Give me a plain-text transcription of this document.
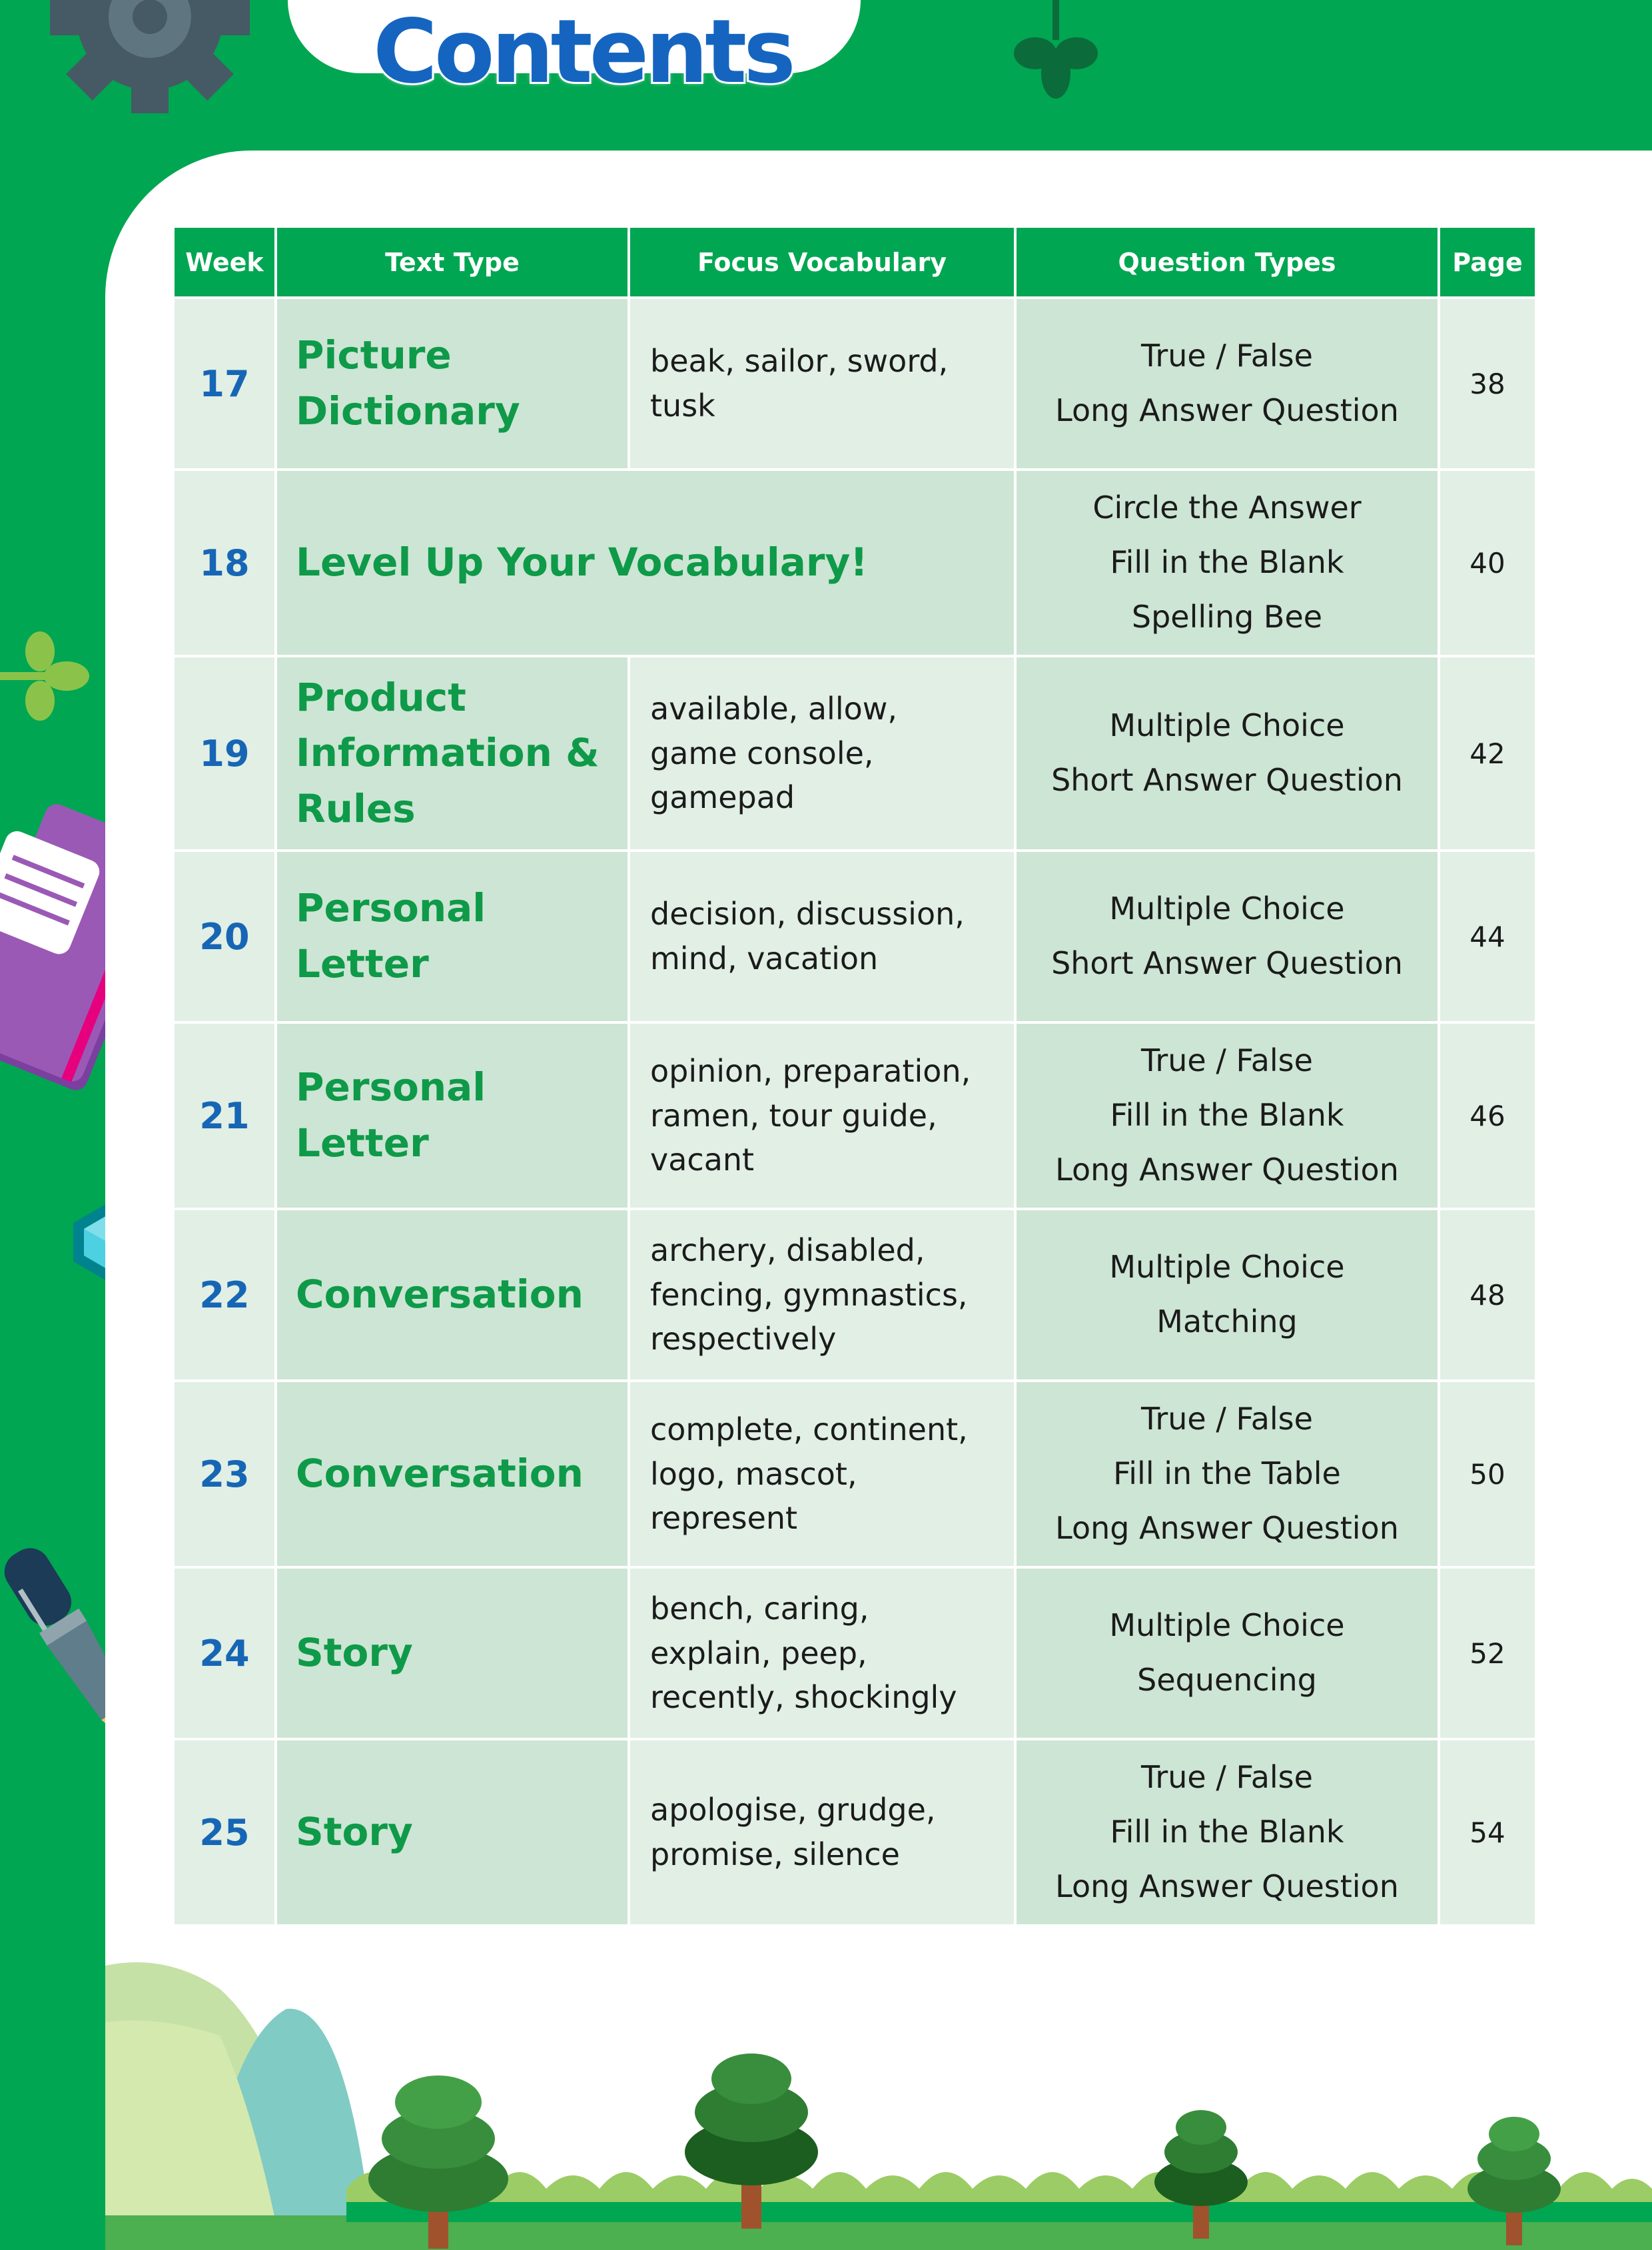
Contents
Week	Text Type	Focus Vocabulary	Question Types	Page
17	Picture Dictionary	beak, sailor, sword, tusk	True / False
Long Answer Question	38
18	Level Up Your Vocabulary!		Circle the Answer
Fill in the Blank
Spelling Bee	40
19	Product Information & Rules	available, allow, game console, gamepad	Multiple Choice
Short Answer Question	42
20	Personal Letter	decision, discussion, mind, vacation	Multiple Choice
Short Answer Question	44
21	Personal Letter	opinion, preparation, ramen, tour guide, vacant	True / False
Fill in the Blank
Long Answer Question	46
22	Conversation	archery, disabled, fencing, gymnastics, respectively	Multiple Choice
Matching	48
23	Conversation	complete, continent, logo, mascot, represent	True / False
Fill in the Table
Long Answer Question	50
24	Story	bench, caring, explain, peep, recently, shockingly	Multiple Choice
Sequencing	52
25	Story	apologise, grudge, promise, silence	True / False
Fill in the Blank
Long Answer Question	54
